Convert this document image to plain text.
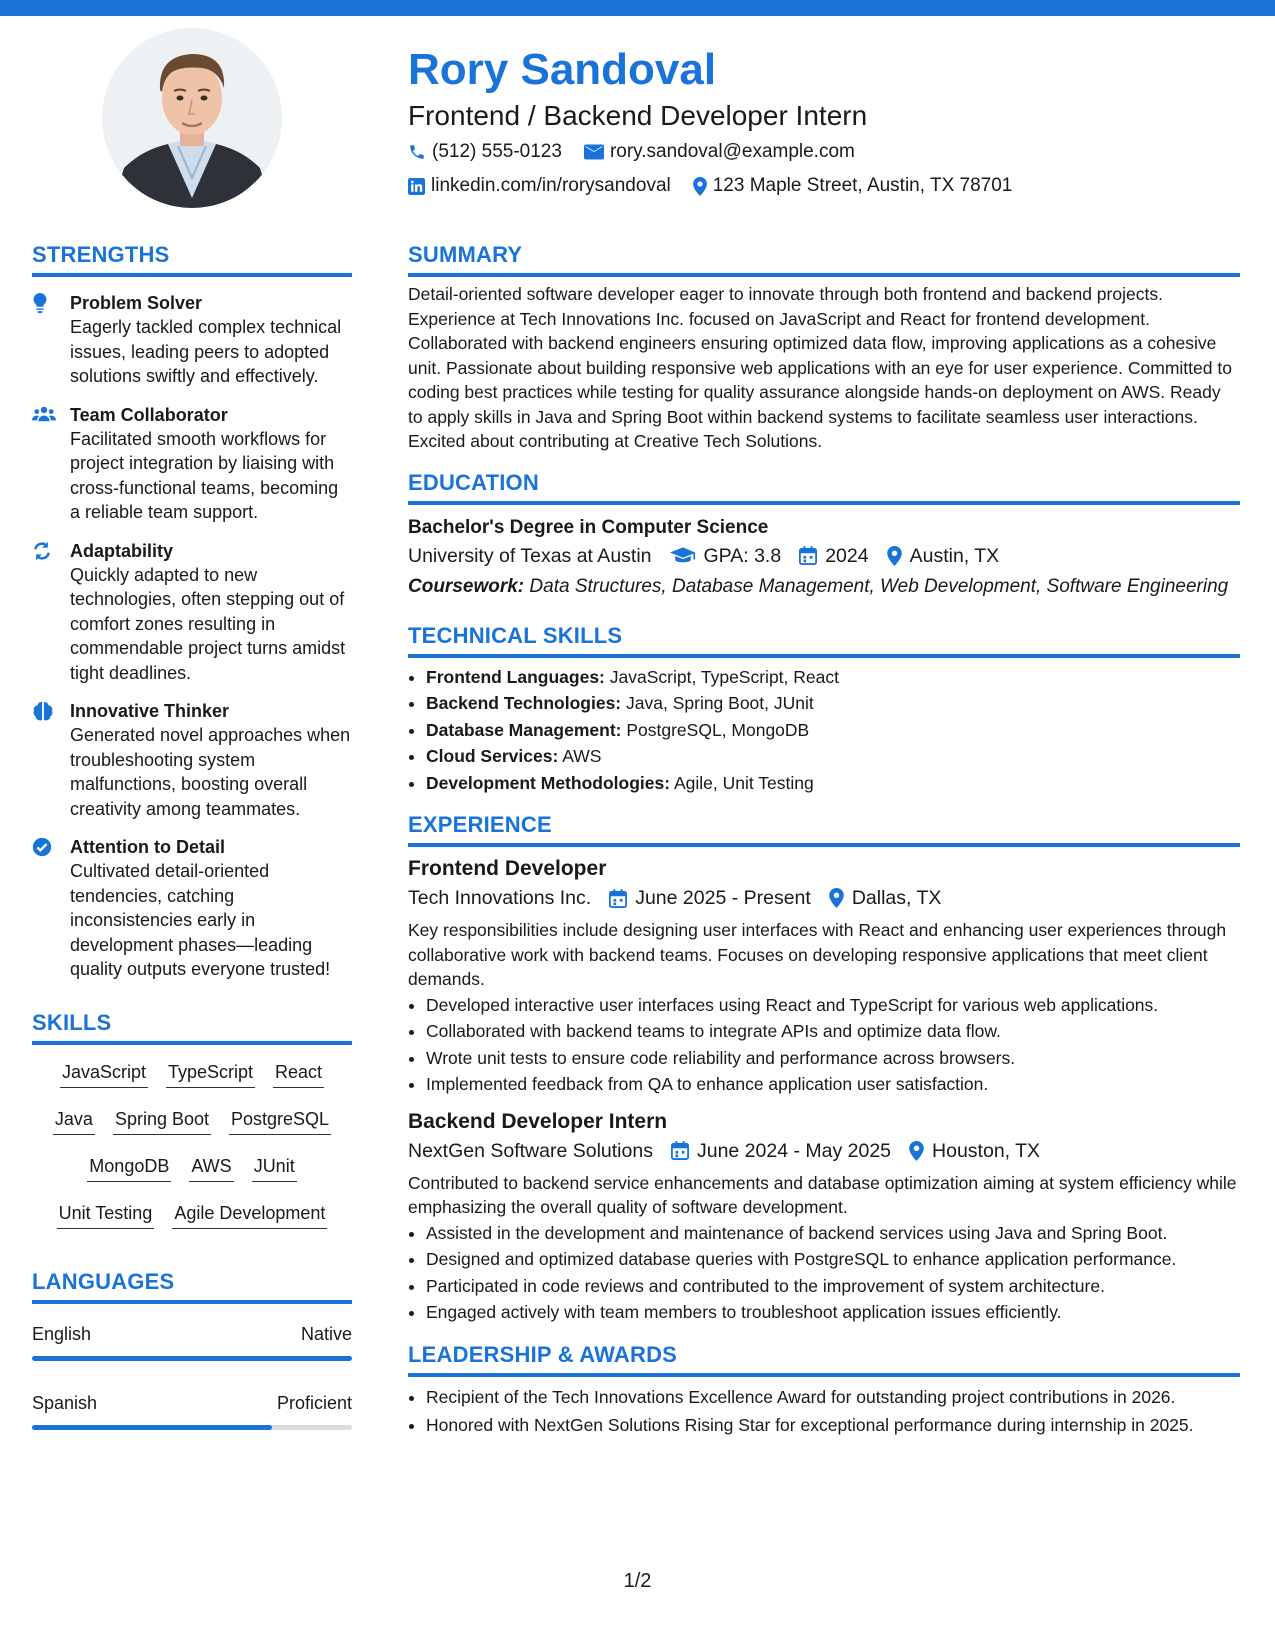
Rory Sandoval
Frontend / Backend Developer Intern
(512) 555-0123	rory.sandoval@example.com
linkedin.com/in/rorysandoval 123 Maple Street, Austin, TX 78701
STRENGTHS
Problem Solver
Eagerly tackled complex technical issues, leading peers to adopted solutions swiftly and effectively.
Team Collaborator
Facilitated smooth workflows for project integration by liaising with cross-functional teams, becoming a reliable team support.
Adaptability
Quickly adapted to new technologies, often stepping out of comfort zones resulting in commendable project turns amidst tight deadlines.
Innovative Thinker
Generated novel approaches when troubleshooting system malfunctions, boosting overall creativity among teammates.
Attention to Detail
Cultivated detail-oriented tendencies, catching inconsistencies early in development phases—leading quality outputs everyone trusted!
SKILLS
JavaScript TypeScript React
Java Spring Boot PostgreSQL
MongoDB AWS JUnit
Unit Testing Agile Development
LANGUAGES
English	Native
Spanish	Proficient
SUMMARY
Detail-oriented software developer eager to innovate through both frontend and backend projects. Experience at Tech Innovations Inc. focused on JavaScript and React for frontend development. Collaborated with backend engineers ensuring optimized data flow, improving applications as a cohesive unit. Passionate about building responsive web applications with an eye for user experience. Committed to coding best practices while testing for quality assurance alongside hands-on deployment on AWS. Ready to apply skills in Java and Spring Boot within backend systems to facilitate seamless user interactions. Excited about contributing at Creative Tech Solutions.
EDUCATION
Bachelor's Degree in Computer Science
University of Texas at Austin	GPA: 3.8 2024 Austin, TX
Coursework: Data Structures, Database Management, Web Development, Software Engineering
TECHNICAL SKILLS
• Frontend Languages: JavaScript, TypeScript, React
• Backend Technologies: Java, Spring Boot, JUnit
• Database Management: PostgreSQL, MongoDB
• Cloud Services: AWS
• Development Methodologies: Agile, Unit Testing
EXPERIENCE
Frontend Developer
Tech Innovations Inc. June 2025 - Present Dallas, TX
Key responsibilities include designing user interfaces with React and enhancing user experiences through collaborative work with backend teams. Focuses on developing responsive applications that meet client demands.
• Developed interactive user interfaces using React and TypeScript for various web applications.
• Collaborated with backend teams to integrate APIs and optimize data flow.
• Wrote unit tests to ensure code reliability and performance across browsers.
• Implemented feedback from QA to enhance application user satisfaction.
Backend Developer Intern
NextGen Software Solutions June 2024 - May 2025 Houston, TX
Contributed to backend service enhancements and database optimization aiming at system efficiency while emphasizing the overall quality of software development.
• Assisted in the development and maintenance of backend services using Java and Spring Boot.
• Designed and optimized database queries with PostgreSQL to enhance application performance.
• Participated in code reviews and contributed to the improvement of system architecture.
• Engaged actively with team members to troubleshoot application issues efficiently.
LEADERSHIP & AWARDS
• Recipient of the Tech Innovations Excellence Award for outstanding project contributions in 2026.
• Honored with NextGen Solutions Rising Star for exceptional performance during internship in 2025.
1/2
